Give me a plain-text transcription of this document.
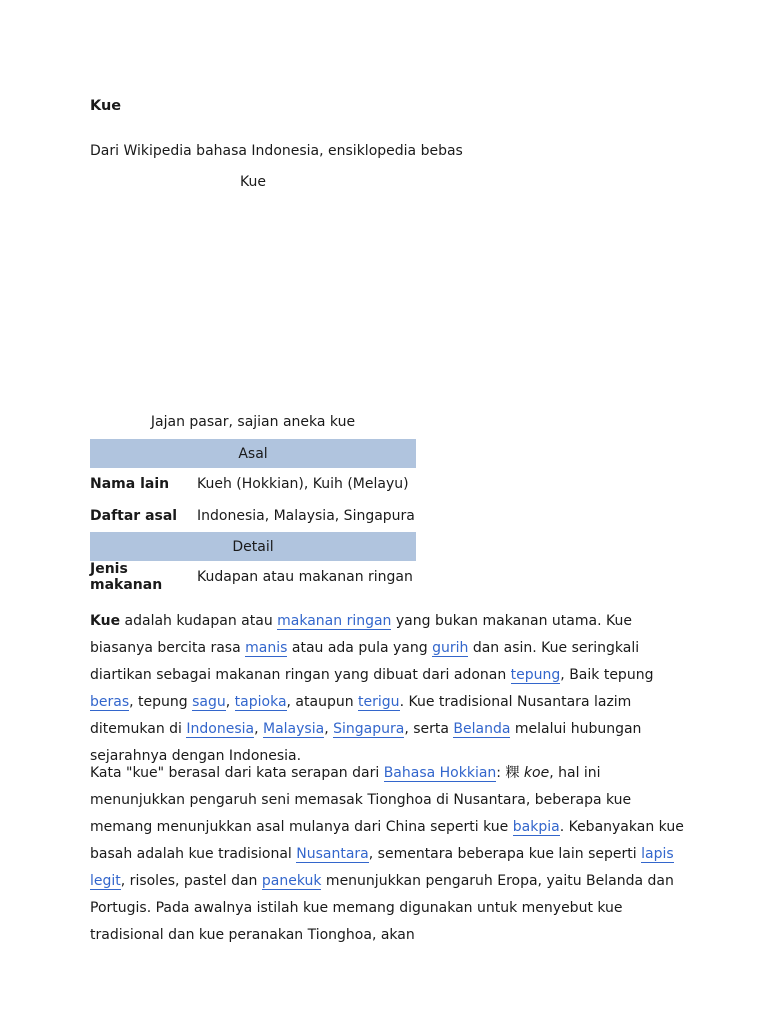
Kue
Dari Wikipedia bahasa Indonesia, ensiklopedia bebas
Kue
Jajan pasar, sajian aneka kue
Asal	
Nama lain	Kueh (Hokkian), Kuih (Melayu)
Daftar asal	Indonesia, Malaysia, Singapura
Detail	
Jenis makanan	Kudapan atau makanan ringan
Kue adalah kudapan atau makanan ringan yang bukan makanan utama. Kue biasanya bercita rasa manis atau ada pula yang gurih dan asin. Kue seringkali diartikan sebagai makanan ringan yang dibuat dari adonan tepung, Baik tepung beras, tepung sagu, tapioka, ataupun terigu. Kue tradisional Nusantara lazim ditemukan di Indonesia, Malaysia, Singapura, serta Belanda melalui hubungan sejarahnya dengan Indonesia.
Kata "kue" berasal dari kata serapan dari Bahasa Hokkian: 粿 koe, hal ini menunjukkan pengaruh seni memasak Tionghoa di Nusantara, beberapa kue memang menunjukkan asal mulanya dari China seperti kue bakpia. Kebanyakan kue basah adalah kue tradisional Nusantara, sementara beberapa kue lain seperti lapis legit, risoles, pastel dan panekuk menunjukkan pengaruh Eropa, yaitu Belanda dan Portugis. Pada awalnya istilah kue memang digunakan untuk menyebut kue tradisional dan kue peranakan Tionghoa, akan
